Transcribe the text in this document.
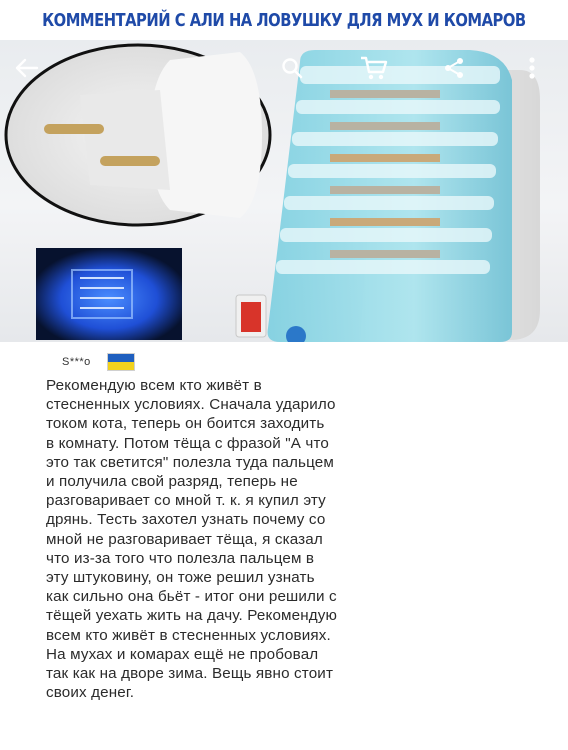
КОММЕНТАРИЙ С АЛИ НА ЛОВУШКУ ДЛЯ МУХ И КОМАРОВ
S***o
Рекомендую всем кто живёт в
стесненных условиях. Сначала ударило
током кота, теперь он боится заходить
в комнату. Потом тёща с фразой "А что
это так светится" полезла туда пальцем
и получила свой разряд, теперь не
разговаривает со мной т. к. я купил эту
дрянь. Тесть захотел узнать почему со
мной не разговаривает тёща, я сказал
что из-за того что полезла пальцем в
эту штуковину, он тоже решил узнать
как сильно она бьёт - итог они решили с
тёщей уехать жить на дачу. Рекомендую
всем кто живёт в стесненных условиях.
На мухах и комарах ещё не пробовал
так как на дворе зима. Вещь явно стоит
своих денег.
